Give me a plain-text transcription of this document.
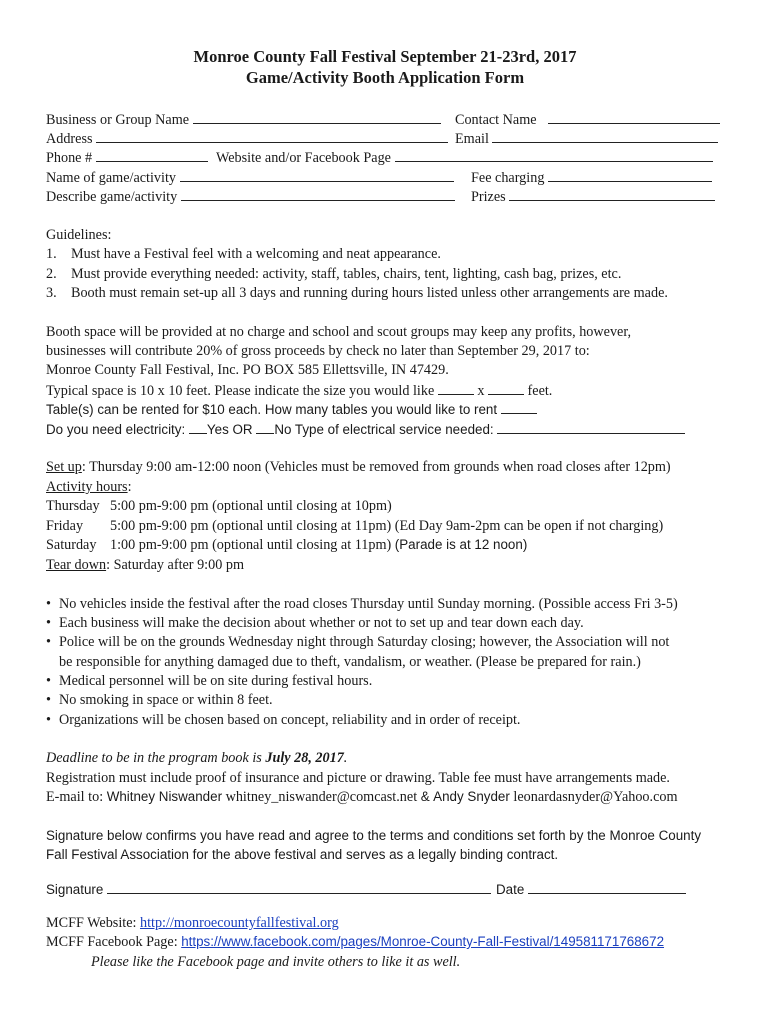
Monroe County Fall Festival September 21-23rd, 2017
Game/Activity Booth Application Form
Business or Group Name	Contact Name
Address	Email
Phone #	Website and/or Facebook Page
Name of game/activity	Fee charging
Describe game/activity	Prizes
Guidelines:
1. Must have a Festival feel with a welcoming and neat appearance.
2. Must provide everything needed: activity, staff, tables, chairs, tent, lighting, cash bag, prizes, etc.
3. Booth must remain set-up all 3 days and running during hours listed unless other arrangements are made.
Booth space will be provided at no charge and school and scout groups may keep any profits, however,
businesses will contribute 20% of gross proceeds by check no later than September 29, 2017 to:
Monroe County Fall Festival, Inc. PO BOX 585 Ellettsville, IN 47429.
Typical space is 10 x 10 feet. Please indicate the size you would like	x	feet.
Table(s) can be rented for $10 each. How many tables you would like to rent
Do you need electricity: Yes OR No Type of electrical service needed:
Set up: Thursday 9:00 am-12:00 noon (Vehicles must be removed from grounds when road closes after 12pm)
Activity hours:
Thursday 5:00 pm-9:00 pm (optional until closing at 10pm)
Friday 5:00 pm-9:00 pm (optional until closing at 11pm) (Ed Day 9am-2pm can be open if not charging)
Saturday 1:00 pm-9:00 pm (optional until closing at 11pm) (Parade is at 12 noon)
Tear down: Saturday after 9:00 pm
• No vehicles inside the festival after the road closes Thursday until Sunday morning. (Possible access Fri 3-5)
• Each business will make the decision about whether or not to set up and tear down each day.
• Police will be on the grounds Wednesday night through Saturday closing; however, the Association will not
be responsible for anything damaged due to theft, vandalism, or weather. (Please be prepared for rain.)
• Medical personnel will be on site during festival hours.
• No smoking in space or within 8 feet.
• Organizations will be chosen based on concept, reliability and in order of receipt.
Deadline to be in the program book is July 28, 2017.
Registration must include proof of insurance and picture or drawing. Table fee must have arrangements made.
E-mail to: Whitney Niswander whitney_niswander@comcast.net & Andy Snyder leonardasnyder@Yahoo.com
Signature below confirms you have read and agree to the terms and conditions set forth by the Monroe County
Fall Festival Association for the above festival and serves as a legally binding contract.
Signature	Date
MCFF Website: http://monroecountyfallfestival.org
MCFF Facebook Page: https://www.facebook.com/pages/Monroe-County-Fall-Festival/149581171768672
Please like the Facebook page and invite others to like it as well.
